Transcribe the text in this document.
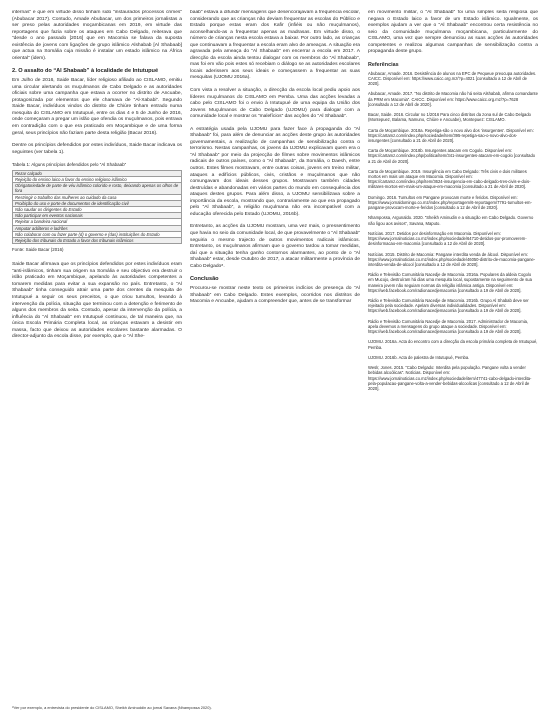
internas” e que em virtude disso tinham sido “instaurados processos crimes” (Abubacar 2017). Contudo, Amade Abubacar, um dos primeiros jornalistas a ser preso pelas autoridades moçambicanas em 2019, em virtude das reportagens que fazia sobre os ataques em Cabo Delgado, reiterava que “desde o ano passado [2016] que em Macomia se falava da suposta existência de jovens com ligações de grupo islâmico Alshabab [Al Shabaab] que actua na Somália cuja missão é instalar um estado islâmico na África oriental” (idem).

2. O assalto do “Al Shabaab” à localidade de Intutupué

Em Julho de 2016, Saide Bacar, líder religioso afiliado ao CISLAMO, emitiu uma circular alertando os muçulmanos de Cabo Delgado e as autoridades oficiais sobre uma campanha que estava a ocorrer no distrito de Ancuabe, protagonizada por elementos que ele chamava de “Al-Xababi”. Segundo Saide Bacar, indivíduos vindos do distrito de Chiúre tinham entrado numa mesquita do CISLAMO em Intutupué, entre os dias 4 e 5 de Junho de 2016, onde começaram a pregar um islão que ofendia os muçulmanos, pois entrava em contradição com o que era praticado em Moçambique e de uma forma geral, seus princípios não faziam parte desta religião (Bacar 2016).

Dentre os princípios defendidos por estes indivíduos, Saide Bacar indicava os seguintes (ver tabela 1).

Tabela 1: Alguns princípios defendidos pelo “Al Shabaab”
Rezar calçado
Rejeição do ensino laico a favor do ensino religioso islâmico
Obrigatoriedade de parte de véu islâmico colorido e rosto, deixando apenas os olhos de fora
Restringir o trabalho das mulheres ao cuidado da casa
Proibição do uso e porte de documentos de identificação civil
Não saudar os dirigentes do Estado
Não participar em eventos nacionais
Rejeitar a bandeira nacional
Amputar adúlteros e ladrões
Não colaborar com ou fazer parte (d) o governo e (das) instituições do Estado
Rejeição dos tribunais do Estado a favor dos tribunais islâmicos
Fonte: Saide Bacar (2016)

Saide Bacar afirmava que os princípios defendidos por estes indivíduos eram “anti-islâmicos, tinham sua origem na Somália e seu objectivo era destruir o islão praticado em Moçambique, apelando às autoridades competentes a tomarem medidas para evitar a sua expansão no país. Entretanto, o “Al Shabaab” tinha conseguido atrair uma parte dos crentes da mesquita de Intutupué a seguir os seus preceitos, o que criou tumultos, levando à intervenção da polícia, situação que terminou com a detenção e ferimento de alguns dos membros da seita. Contudo, apesar da intervenção da polícia, a influência do “Al Shabaab” em Intutupué continuou, de tal maneira que, na única Escola Primária Completa local, as crianças estavam a desistir em massa, facto que deixou as autoridades escolares bastante alarmadas. O director-adjunto da escola disse, por exemplo, que o “Al She-

baab” estava a difundir mensagens que desencorajavam a frequência escolar, considerando que as crianças não deviam frequentar as escolas do Público e Estado porque estas eram dos Kafir (infiéis ou não muçulmanos), aconselhando-as a frequentar apenas as madrasas. Em virtude disso, o número de crianças nesta escola estava a baixar. Por outro lado, as crianças que continuavam a frequentar a escola eram alvo de ameaças. A situação era agravada pela ameaça do “Al Shabaab” em encerrar a escola em 2017. A direcção da escola ainda tentou dialogar com os membros do “Al Shabaab”, mas foi em vão pois estes só recebiam o diálogo se as autoridades escolares locais aderissem aos seus ideais e começassem a frequentar as suas mesquitas (UJOMU 2016a).

Com vista a resolver a situação, a direcção da escola local pediu apoio aos líderes muçulmanos do CISLAMO em Pemba. Uma das acções levadas a cabo pelo CISLAMO foi o envio à Intutupué de uma equipa da União dos Jovens Muçulmanos de Cabo Delgado (UJOMU) para dialogar com a comunidade local e mostrar os “malefícios” das acções do “Al Shabaab”.

A estratégia usada pela UJOMU para fazer face à propaganda do “Al Shabaab” foi, para além de denunciar as acções deste grupo às autoridades governamentais, a realização de campanhas de sensibilização contra o terrorismo. Nestas campanhas, os jovens da UJOMU explicavam quem era o “Al Shabaab” por meio da projecção de filmes sobre movimentos islâmicos radicais de outros países, como o “Al Shabaab”, da Somália, o Daesh, entre outros. Estes filmes mostravam, entre outras coisas, jovens em treino militar, ataques a edifícios públicos, civis, cristãos e muçulmanos que não comungavam dos ideais desses grupos. Mostravam também cidades destruídas e abandonadas em vários partes do mundo em consequência dos ataques destes grupos. Para além disso, a UJOMU sensibilizava sobre a importância da escola, mostrando que, contrariamente ao que era propagado pelo “Al Shabaab”, a religião muçulmana não era incompatível com a educação oferecida pelo Estado (UJOMU, 2016b).

Entretanto, as acções da UJOMU mostram, uma vez mais, o pressentimento que havia no seio da comunidade local, de que provavelmente o “Al Shabaab” seguiria o mesmo trajecto de outros movimentos radicais islâmicos. Entretanto, os muçulmanos afirmam que o governo tardou a tomar medidas, daí que a situação tenha ganho contornos alarmantes, ao ponto de o “Al Shabaab” estar, desde Outubro de 2017, a atacar militarmente a província de Cabo Delgado⁸.

Conclusão

Procurou-se mostrar neste texto os primeiros indícios de presença do “Al Shabaab” em Cabo Delgado. Estes exemplos, ocorridos nos distritos de Macomia e Ancuabe, ajudam a compreender que, antes de se transformar

em movimento militar, o “Al Shabaab” foi uma simples seita religiosa que negava o Estado laico a favor de um Estado islâmico. Igualmente, os exemplos ajudam a ver que o “Al Shabaab” encontrou certa resistência no seio da comunidade muçulmana moçambicana, particularmente do CISLAMO, uma vez que sempre denunciou as suas acções às autoridades competentes e realizou algumas campanhas de sensibilização contra a propaganda deste grupo.

Referências

Abubacar, Amade. 2016. Desistência de alunos na EPC de Pequeue preocupa autoridades. CAICC. Disponível em: https://www.caicc.org.mz/?p=4021 [consultado a 12 de Abril de 2020].

Abubacar, Amade. 2017. “No distrito de Macomia não há seita Alshabab, afirma comandante da PRM em Macomia”. CAICC. Disponível em: https://www.caicc.org.mz/?p=7628 [consultado a 12 de Abril de 2020].

Bacar, Saide. 2016. Circular no 1/2016 Para cinco distritos da zona sul de Cabo Delgado (Montepuez, Balama, Namuno, Chiúre e Ancuabe), Montepuez: CISLAMO.

Carta de Moçambique. 2018a. Repetiga-são o novo alvo dos ‘insurgentes’. Disponível em: https://cartamz.com/index.php/sociedade/item/395-repetiga-sao-o-novo-alvo-dos-insurgentes [consultado a 21 de Abril de 2020].

Carta de Moçambique. 2018b. Insurgentes atacam em Cogolo. Disponível em: https://cartamz.com/index.php/politica/item/341-insurgentes-atacam-em-cogolo [consultado a 21 de Abril de 2020].

Carta de Moçambique. 2019. Insurgência em Cabo Delgado: Três civis e dois militares mortos em mais um ataque em Macomia. Disponível em: https://cartamz.com/index.php/item/3624-insurgencia-em-cabo-delgado-tres-civis-e-dois-militares-mortos-em-mais-um-ataque-em-macomia [consultado a 21 de Abril de 2020].

Domingo. 2016. Tumultos em Pangane provocam morte e feridos. Disponível em: https://www.jornaldomingo.co.mz/index.php/reportagem/6-reportagem/7791-tumultos-em-pangane-provocam-morte-e-feridos [consultado a 12 de Abril de 2020].

Nhampossa, Argunaldo. 2020. “Sheikh Aminudin e a situação em Cabo Delgado. Governo não ligou aos avisos”, Savana, Maputo.

Notícias. 2017. Detidos por desinformação em Macomia. Disponível em: https://www.jornalnoticias.co.mz/index.php/sociedade/64710-detidos-por-promoverem-desinformacao-em-macomia [consultado a 12 de Abril de 2020].

Notícias. 2015. Distrito de Macomia: Pangane interdita venda de álcool. Disponível em: https://www.jornalnoticias.co.mz/index.php/sociedade/46050-distrito-de-macomia-pangane-interdita-venda-de-alcool [consultado a 12 de Abril de 2020].

Rádio e Televisão Comunitária Nacedje de Macomia. 2016a. Populares da aldeia Cogolo em Mucojo, destruíram há dias uma mesquita local, supostamente na seguimento de sua maneira jovem não seguiam normas da religião islâmica antiga. Disponível em: https://web.facebook.com/radionacedjemacomia [consultado a 19 de Abril de 2020].

Rádio e Televisão Comunitária Nacedje de Macomia. 2016b. Grupo Al Shabab deve ser rejeitado pela sociedade. Apelam diversas individualidades. Disponível em: https://web.facebook.com/radionacedjemacomia [consultado a 19 de Abril de 2020].

Rádio e Televisão Comunitária Nacedje de Macomia. 2017. Administrador de Macomia, apela devemos a mensagens do grupo ataque a sociedade. Disponível em: https://web.facebook.com/radionacedjemacomia [consultado a 19 de Abril de 2020].

UJOMU. 2016a. Acta do encontro com a direcção da escola primária completa de Intutupué, Pemba.

UJOMU. 2016b. Acta de palestra de Intutupué, Pemba.

Weslr, Jones. 2015. “Cabo Delgado: Interdita pela população. Pangane volta a vender bebidas alcoólicas”. Notícias. Disponível em: https://www.jornalnoticias.co.mz/index.php/sociedade/item/47741-cabo-delgado-interdita-pela-populacao-pangane-volta-a-vender-bebidas-alcoolicas [consultado a 12 de Abril de 2020].

⁸Ver por exemplo, a entrevista do presidente do CISLAMO, Sheikh Aminuddin ao jornal Savana (Nhampossa 2020).
